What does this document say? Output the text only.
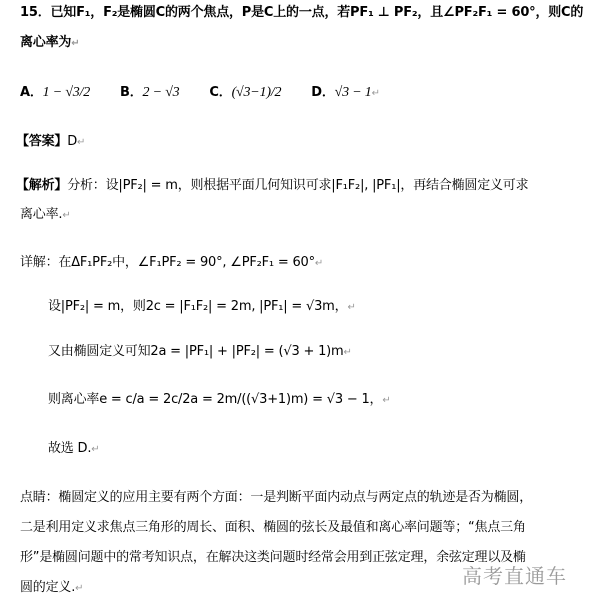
15．已知F₁，F₂是椭圆C的两个焦点，P是C上的一点，若PF₁ ⊥ PF₂，且∠PF₂F₁ = 60°，则C的
离心率为↵
A．1 − √3/2 B．2 − √3 C．(√3−1)/2 D．√3 − 1↵
【答案】D↵
【解析】分析：设|PF₂| = m，则根据平面几何知识可求|F₁F₂|, |PF₁|，再结合椭圆定义可求
离心率.↵
详解：在ΔF₁PF₂中，∠F₁PF₂ = 90°, ∠PF₂F₁ = 60°↵
设|PF₂| = m，则2c = |F₁F₂| = 2m, |PF₁| = √3m，↵
又由椭圆定义可知2a = |PF₁| + |PF₂| = (√3 + 1)m↵
则离心率e = c/a = 2c/2a = 2m/((√3+1)m) = √3 − 1，↵
故选 D.↵
点睛：椭圆定义的应用主要有两个方面：一是判断平面内动点与两定点的轨迹是否为椭圆，
二是利用定义求焦点三角形的周长、面积、椭圆的弦长及最值和离心率问题等；“焦点三角
形”是椭圆问题中的常考知识点，在解决这类问题时经常会用到正弦定理，余弦定理以及椭
圆的定义.↵
高考直通车
